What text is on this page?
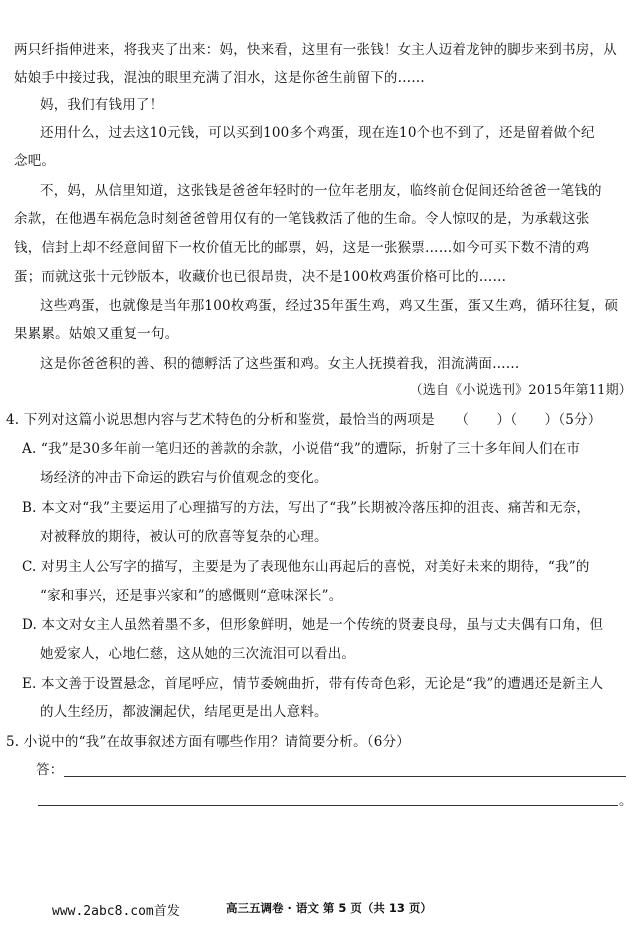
两只纤指伸进来，将我夹了出来：妈，快来看，这里有一张钱！女主人迈着龙钟的脚步来到书房，从
姑娘手中接过我，混浊的眼里充满了泪水，这是你爸生前留下的……
妈，我们有钱用了！
还用什么，过去这10元钱，可以买到100多个鸡蛋，现在连10个也不到了，还是留着做个纪
念吧。
不，妈，从信里知道，这张钱是爸爸年轻时的一位年老朋友，临终前仓促间还给爸爸一笔钱的
余款，在他遇车祸危急时刻爸爸曾用仅有的一笔钱救活了他的生命。令人惊叹的是，为承载这张
钱，信封上却不经意间留下一枚价值无比的邮票，妈，这是一张猴票……如今可买下数不清的鸡
蛋；而就这张十元钞版本，收藏价也已很昂贵，决不是100枚鸡蛋价格可比的……
这些鸡蛋，也就像是当年那100枚鸡蛋，经过35年蛋生鸡，鸡又生蛋，蛋又生鸡，循环往复，硕
果累累。姑娘又重复一句。
这是你爸爸积的善、积的德孵活了这些蛋和鸡。女主人抚摸着我，泪流满面……
（选自《小说选刊》2015年第11期）
4. 下列对这篇小说思想内容与艺术特色的分析和鉴赏，最恰当的两项是　　（　　）（　　）（5分）
A. “我”是30多年前一笔归还的善款的余款，小说借“我”的遭际，折射了三十多年间人们在市
场经济的冲击下命运的跌宕与价值观念的变化。
B. 本文对“我”主要运用了心理描写的方法，写出了“我”长期被冷落压抑的沮丧、痛苦和无奈，
对被释放的期待，被认可的欣喜等复杂的心理。
C. 对男主人公写字的描写，主要是为了表现他东山再起后的喜悦，对美好未来的期待，“我”的
“家和事兴，还是事兴家和”的感慨则“意味深长”。
D. 本文对女主人虽然着墨不多，但形象鲜明，她是一个传统的贤妻良母，虽与丈夫偶有口角，但
她爱家人，心地仁慈，这从她的三次流泪可以看出。
E. 本文善于设置悬念，首尾呼应，情节委婉曲折，带有传奇色彩，无论是“我”的遭遇还是新主人
的人生经历，都波澜起伏，结尾更是出人意料。
5. 小说中的“我”在故事叙述方面有哪些作用？请简要分析。（6分）
答：
。
www.2abc8.com首发	高三五调卷 · 语文 第 5 页（共 13 页）
